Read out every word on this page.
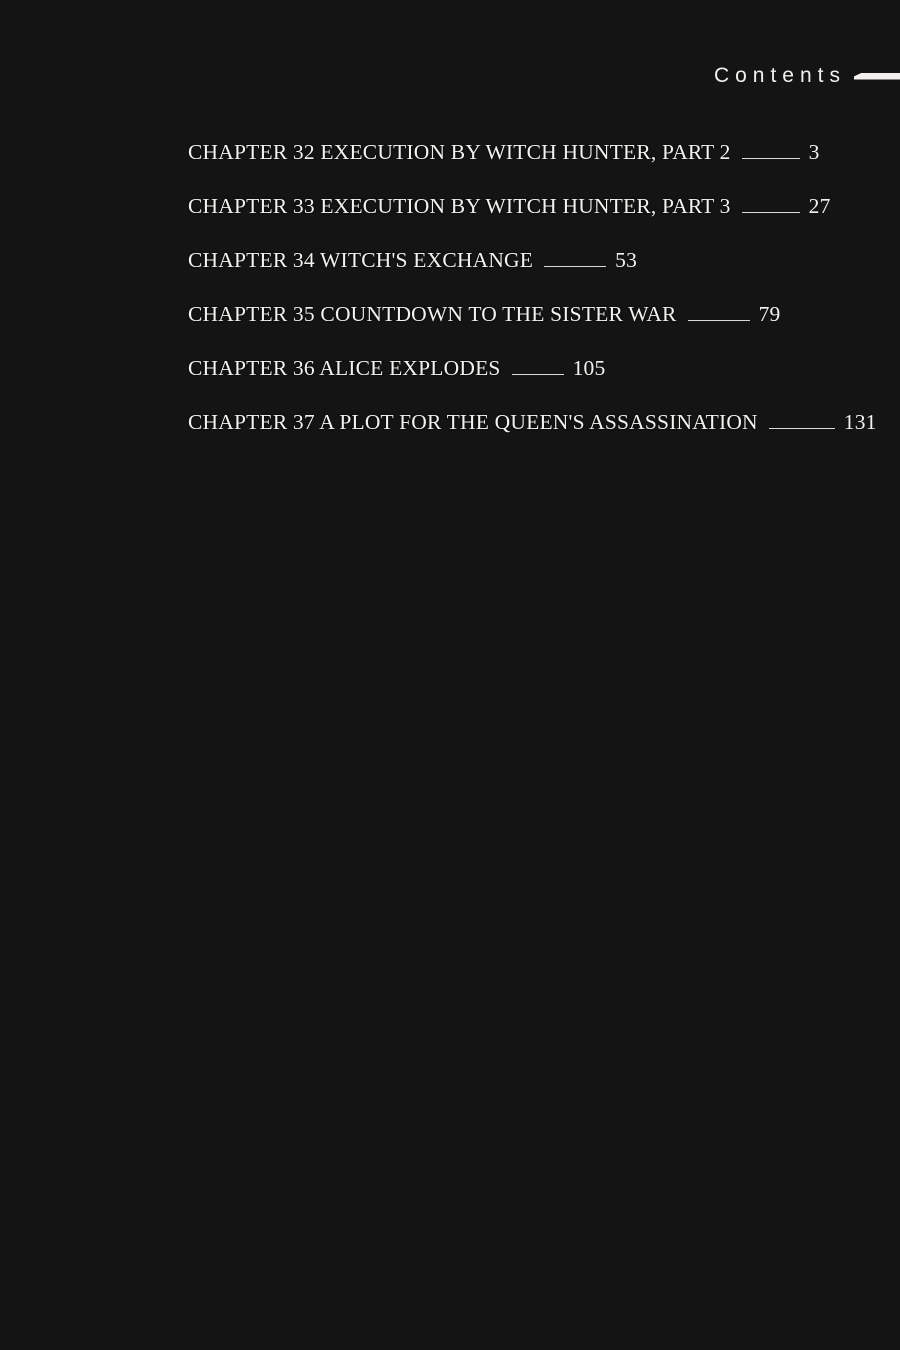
Contents
CHAPTER 32 EXECUTION BY WITCH HUNTER, PART 2	3
CHAPTER 33 EXECUTION BY WITCH HUNTER, PART 3	27
CHAPTER 34 WITCH'S EXCHANGE	53
CHAPTER 35 COUNTDOWN TO THE SISTER WAR	79
CHAPTER 36 ALICE EXPLODES	105
CHAPTER 37 A PLOT FOR THE QUEEN'S ASSASSINATION	131
